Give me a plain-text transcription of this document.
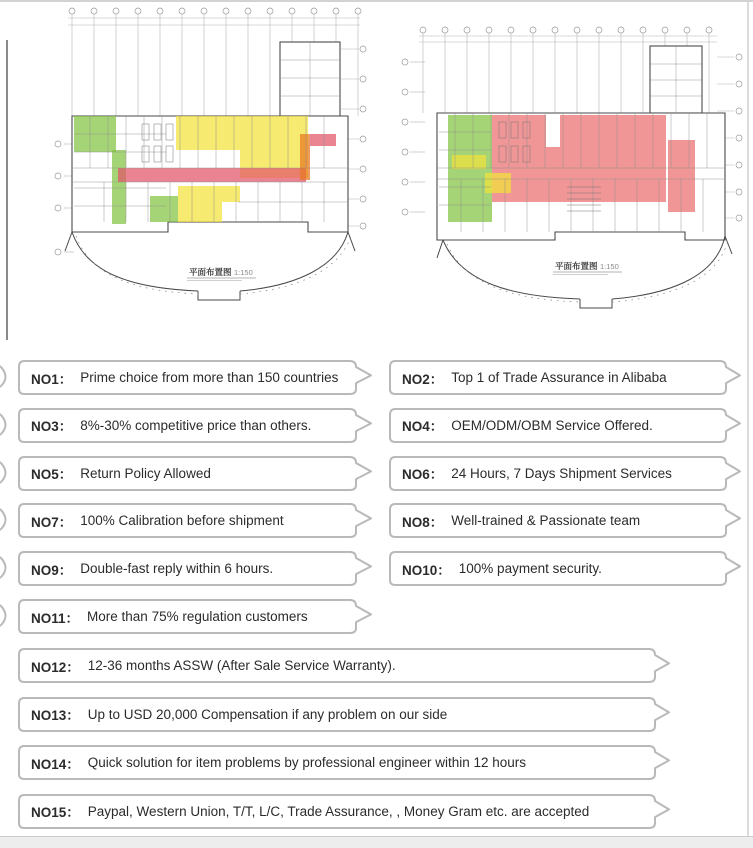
平面布置图 1:150
平面布置图 1:150
NO1： Prime choice from more than 150 countries
NO3： 8%-30% competitive price than others.
NO5： Return Policy Allowed
NO7： 100% Calibration before shipment
NO9： Double-fast reply within 6 hours.
NO11： More than 75% regulation customers
NO2： Top 1 of Trade Assurance in Alibaba
NO4： OEM/ODM/OBM Service Offered.
NO6： 24 Hours, 7 Days Shipment Services
NO8： Well-trained & Passionate team
NO10： 100% payment security.
NO12： 12-36 months ASSW (After Sale Service Warranty).
NO13： Up to USD 20,000 Compensation if any problem on our side
NO14： Quick solution for item problems by professional engineer within 12 hours
NO15： Paypal, Western Union, T/T, L/C, Trade Assurance, , Money Gram etc. are accepted
